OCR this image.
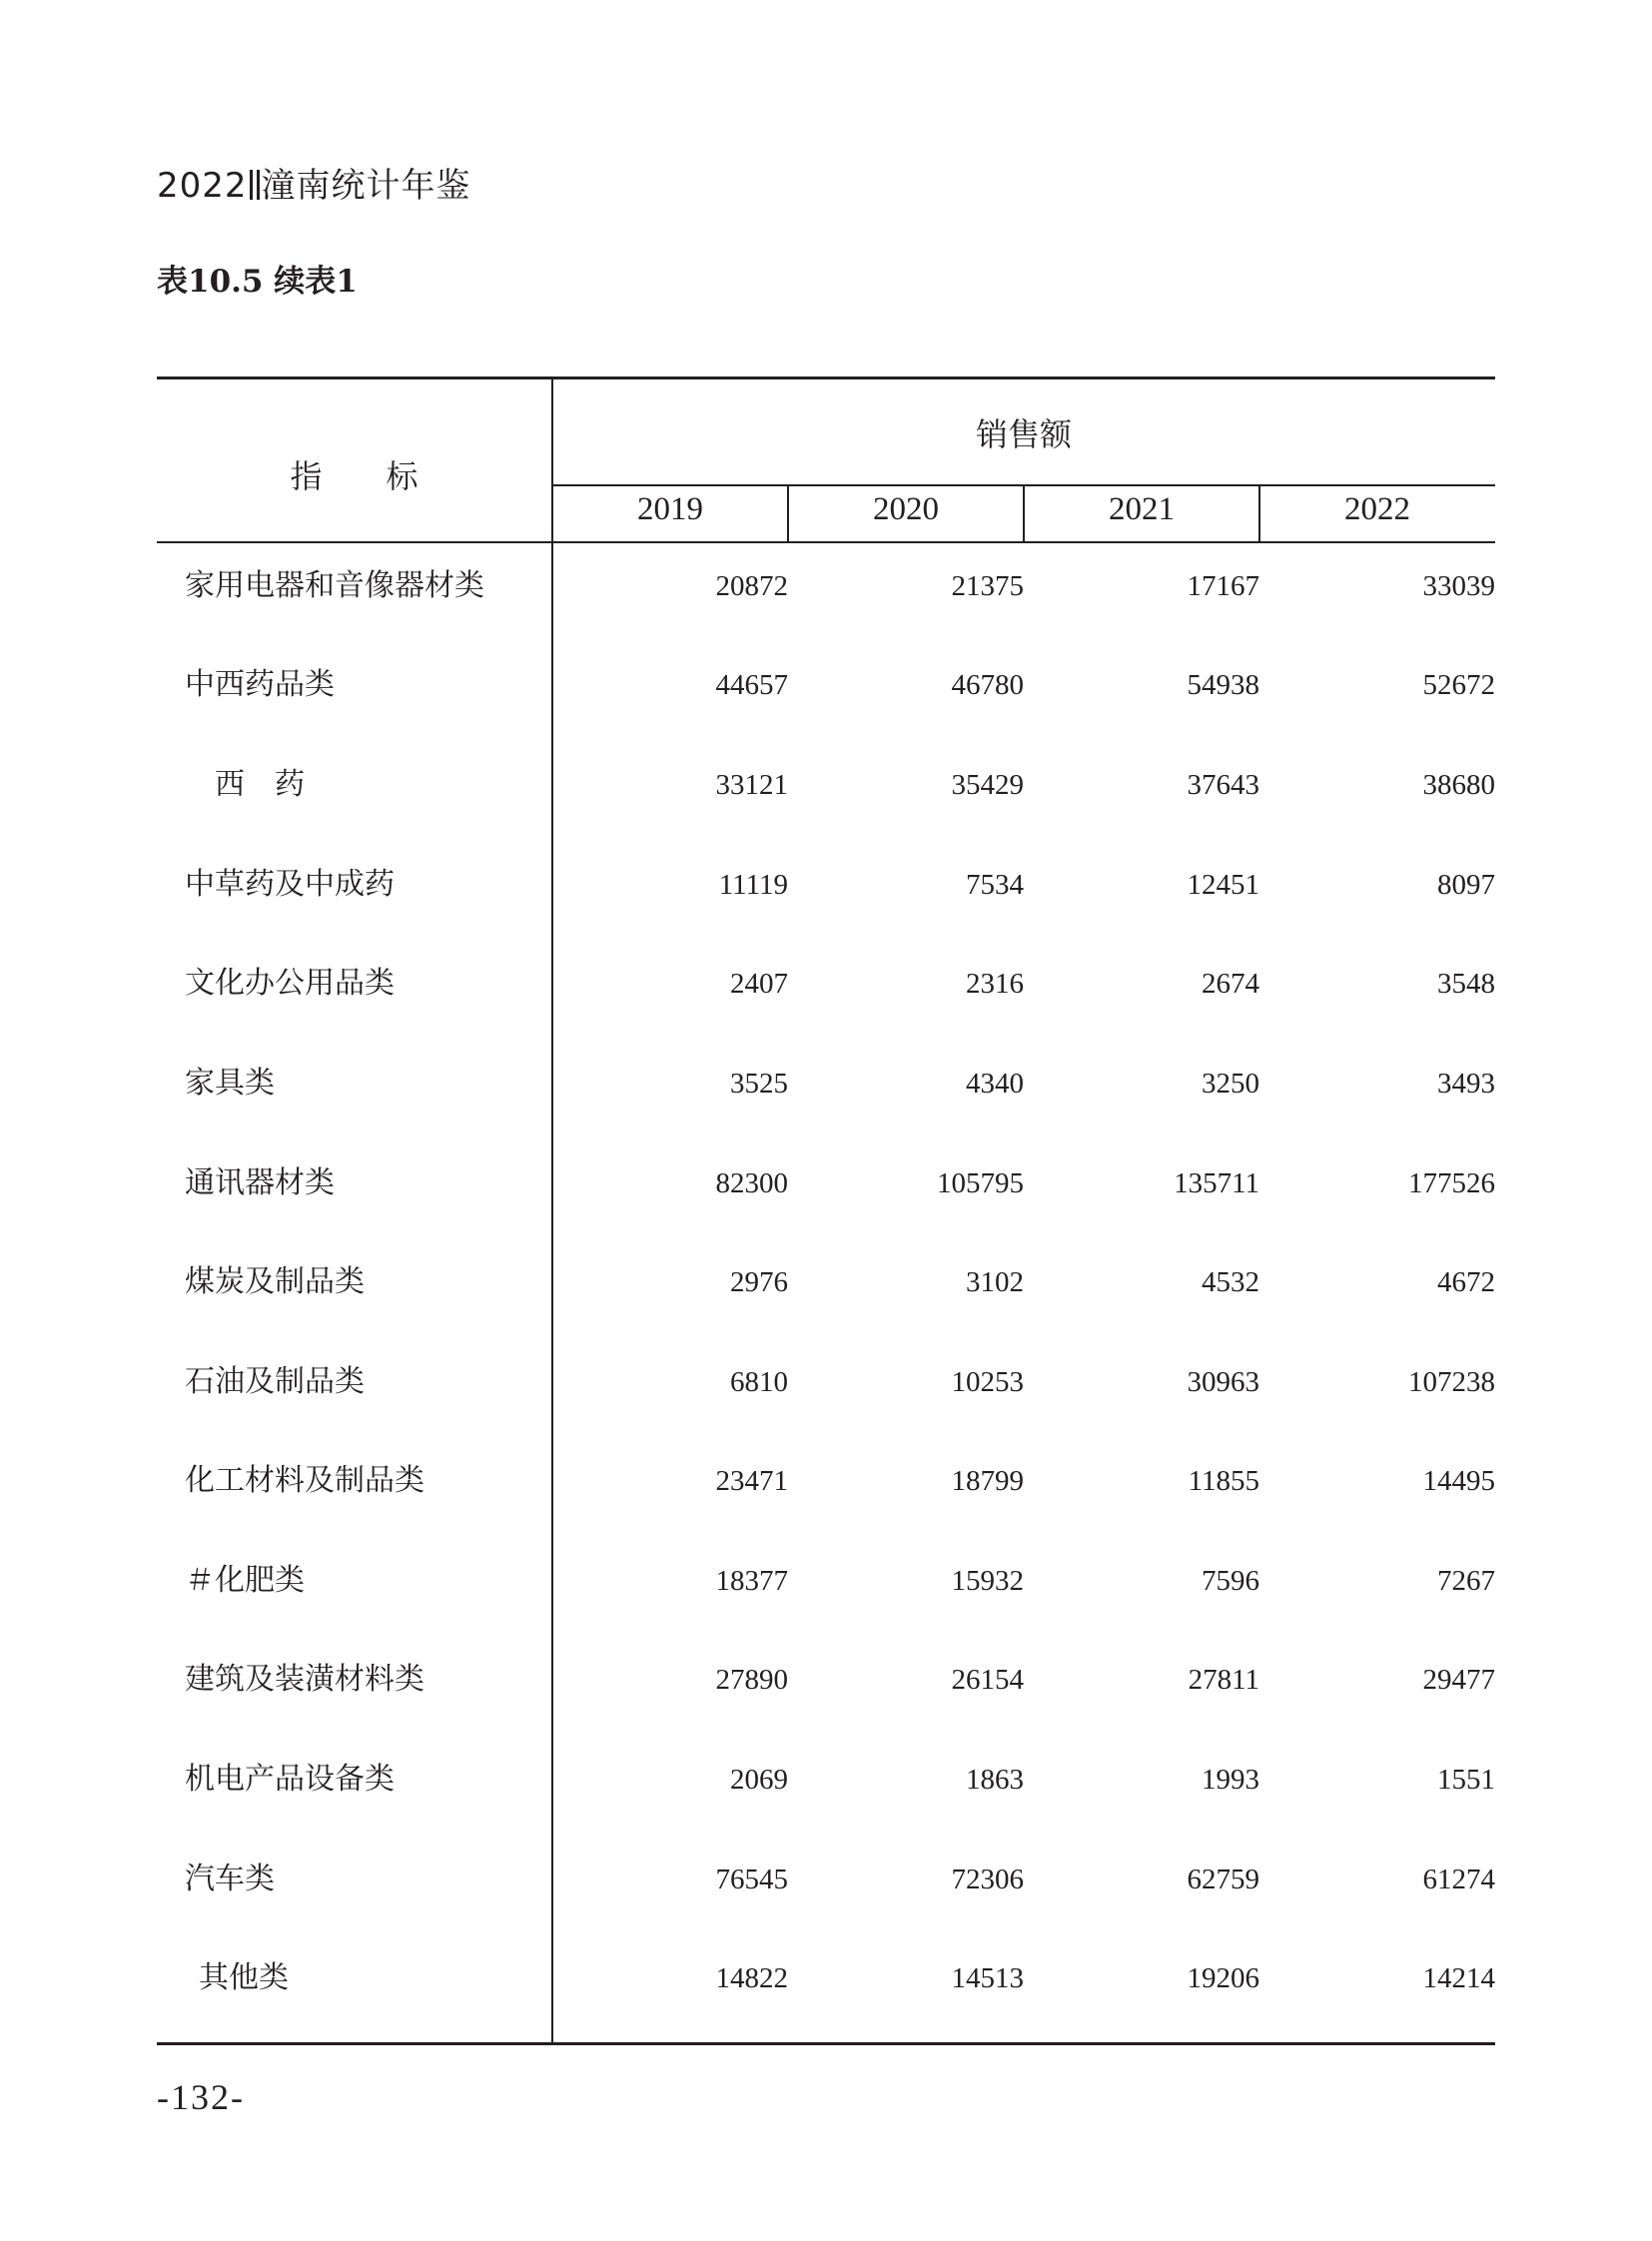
2022 潼南统计年鉴
表10.5 续表1
指　　标
销售额
2019	2020	2021	2022
家用电器和音像器材类	20872	21375	17167	33039
中西药品类	44657	46780	54938	52672
西　药	33121	35429	37643	38680
中草药及中成药	11119	7534	12451	8097
文化办公用品类	2407	2316	2674	3548
家具类	3525	4340	3250	3493
通讯器材类	82300	105795	135711	177526
煤炭及制品类	2976	3102	4532	4672
石油及制品类	6810	10253	30963	107238
化工材料及制品类	23471	18799	11855	14495
＃化肥类	18377	15932	7596	7267
建筑及装潢材料类	27890	26154	27811	29477
机电产品设备类	2069	1863	1993	1551
汽车类	76545	72306	62759	61274
其他类	14822	14513	19206	14214
-132-
